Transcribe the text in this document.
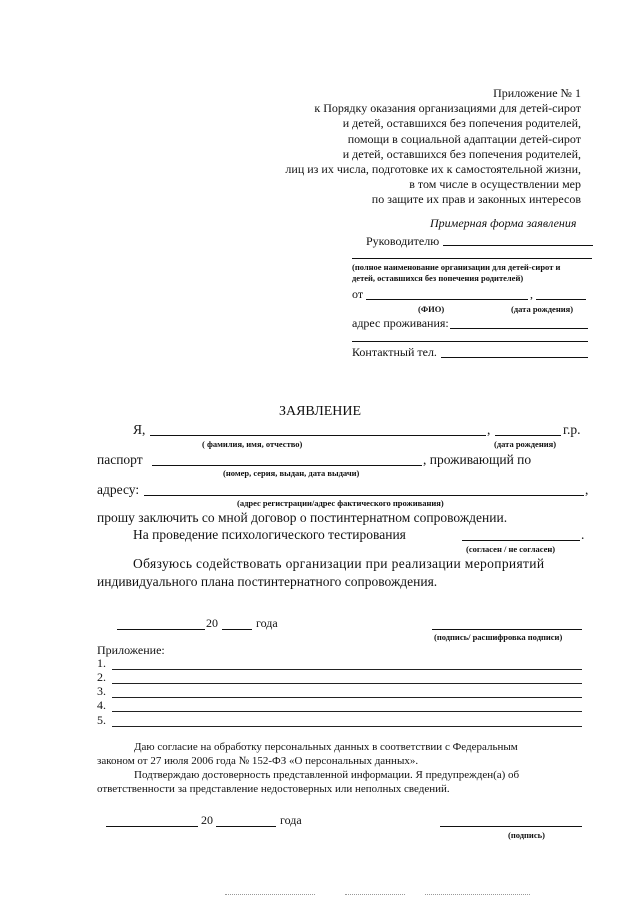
Приложение № 1
к Порядку оказания организациями для детей-сирот
и детей, оставшихся без попечения родителей,
помощи в социальной адаптации детей-сирот
и детей, оставшихся без попечения родителей,
лиц из их числа, подготовке их к самостоятельной жизни,
в том числе в осуществлении мер
по защите их прав и законных интересов
Примерная форма заявления
Руководителю
(полное наименование организации для детей-сирот и
детей, оставшихся без попечения родителей)
от	,
(ФИО)	(дата рождения)
адрес проживания:
Контактный тел.
ЗАЯВЛЕНИЕ
Я,	,	г.р.
( фамилия, имя, отчество)	(дата рождения)
паспорт	, проживающий по
(номер, серия, выдан, дата выдачи)
адресу:	,
(адрес регистрации/адрес фактического проживания)
прошу заключить со мной договор о постинтернатном сопровождении.
На проведение психологического тестирования	.
(согласен / не согласен)
Обязуюсь содействовать организации при реализации мероприятий
индивидуального плана постинтернатного сопровождения.
20	года
(подпись/ расшифровка подписи)
Приложение:
1.
2.
3.
4.
5.
Даю согласие на обработку персональных данных в соответствии с Федеральным
законом от 27 июля 2006 года № 152-ФЗ «О персональных данных».
Подтверждаю достоверность представленной информации. Я предупрежден(а) об
ответственности за представление недостоверных или неполных сведений.
20	года
(подпись)
